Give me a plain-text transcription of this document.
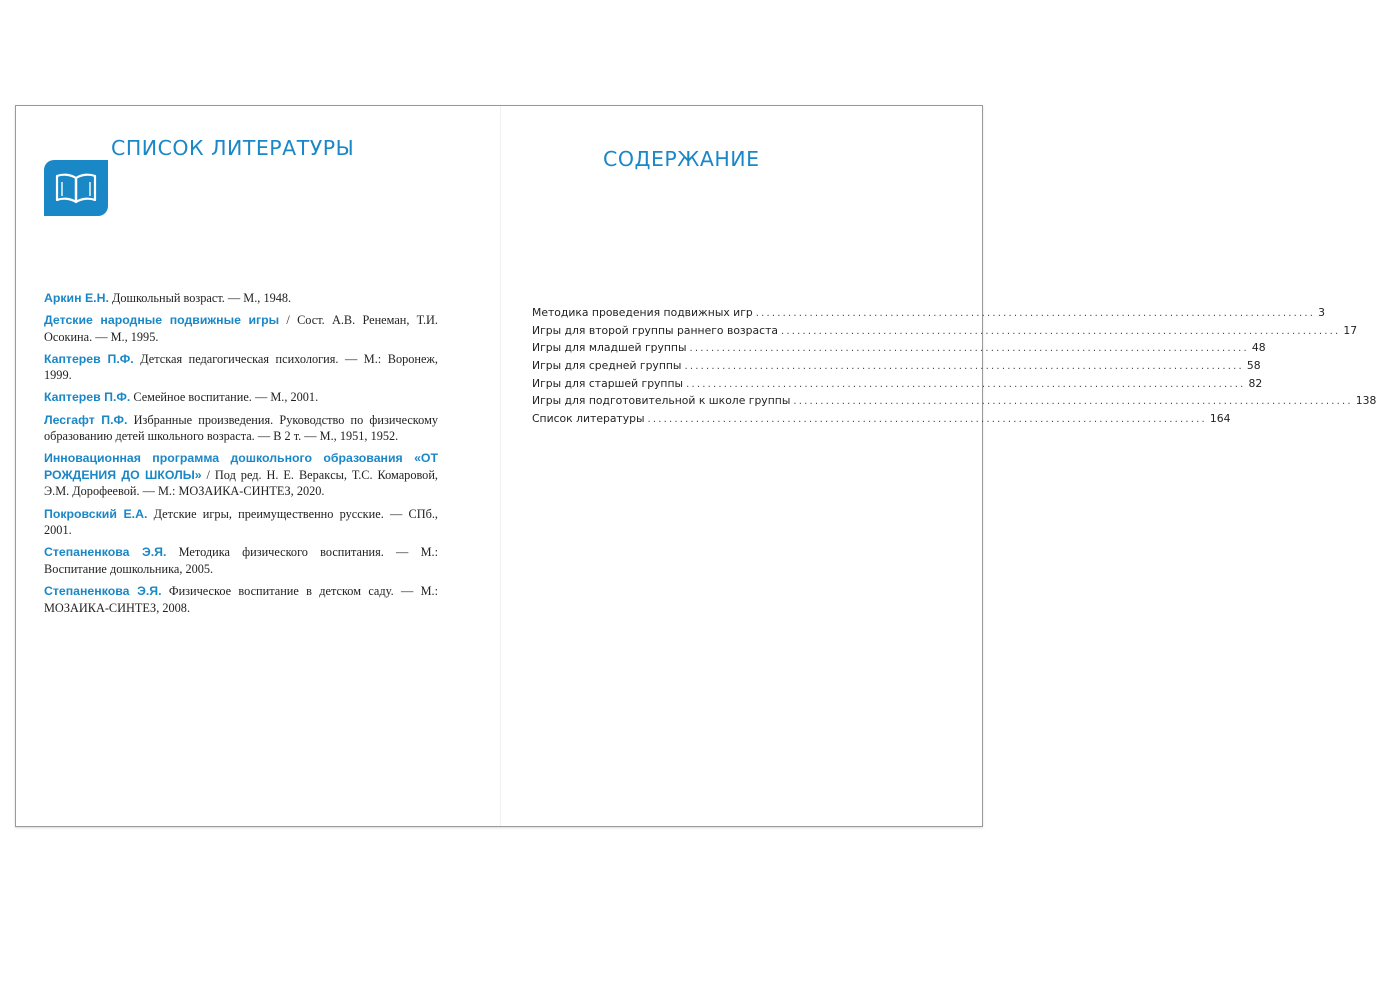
СПИСОК ЛИТЕРАТУРЫ
Аркин Е.Н. Дошкольный возраст. — М., 1948.
Детские народные подвижные игры / Сост. А.В. Ренеман, Т.И. Осокина. — М., 1995.
Каптерев П.Ф. Детская педагогическая психология. — М.: Воронеж, 1999.
Каптерев П.Ф. Семейное воспитание. — М., 2001.
Лесгафт П.Ф. Избранные произведения. Руководство по физическому образованию детей школьного возраста. — В 2 т. — М., 1951, 1952.
Инновационная программа дошкольного образования «ОТ РОЖДЕНИЯ ДО ШКОЛЫ» / Под ред. Н. Е. Веракcы, Т.С. Комаровой, Э.М. Дорофеевой. — М.: МОЗАИКА-СИНТЕЗ, 2020.
Покровский Е.А. Детские игры, преимущественно русские. — СПб., 2001.
Степаненкова Э.Я. Методика физического воспитания. — М.: Воспитание дошкольника, 2005.
Степаненкова Э.Я. Физическое воспитание в детском саду. — М.: МОЗАИКА-СИНТЕЗ, 2008.
СОДЕРЖАНИЕ
Методика проведения подвижных игр ........................................................................................................ 3
Игры для второй группы раннего возраста ........................................................................................................ 17
Игры для младшей группы ........................................................................................................ 48
Игры для средней группы ........................................................................................................ 58
Игры для старшей группы ........................................................................................................ 82
Игры для подготовительной к школе группы ........................................................................................................ 138
Список литературы ........................................................................................................ 164
